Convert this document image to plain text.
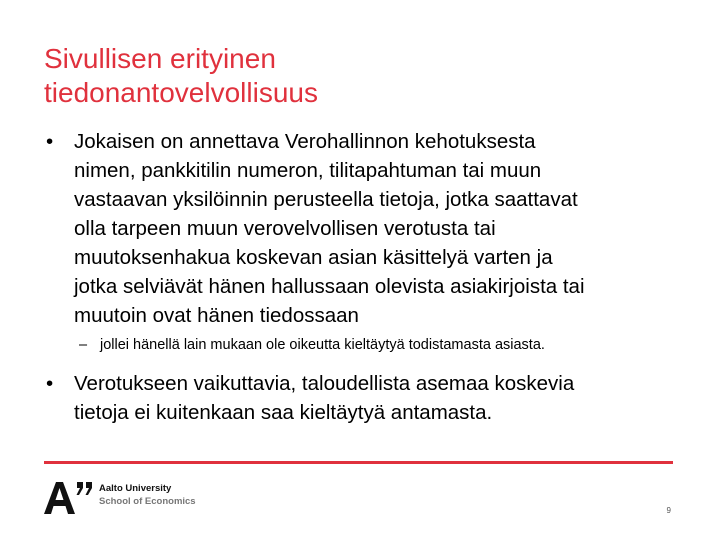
Sivullisen erityinen
tiedonantovelvollisuus
• Jokaisen on annettava Verohallinnon kehotuksesta
nimen, pankkitilin numeron, tilitapahtuman tai muun
vastaavan yksilöinnin perusteella tietoja, jotka saattavat
olla tarpeen muun verovelvollisen verotusta tai
muutoksenhakua koskevan asian käsittelyä varten ja
jotka selviävät hänen hallussaan olevista asiakirjoista tai
muutoin ovat hänen tiedossaan
– jollei hänellä lain mukaan ole oikeutta kieltäytyä todistamasta asiasta.
• Verotukseen vaikuttavia, taloudellista asemaa koskevia
tietoja ei kuitenkaan saa kieltäytyä antamasta.
Aalto University
School of Economics
9
